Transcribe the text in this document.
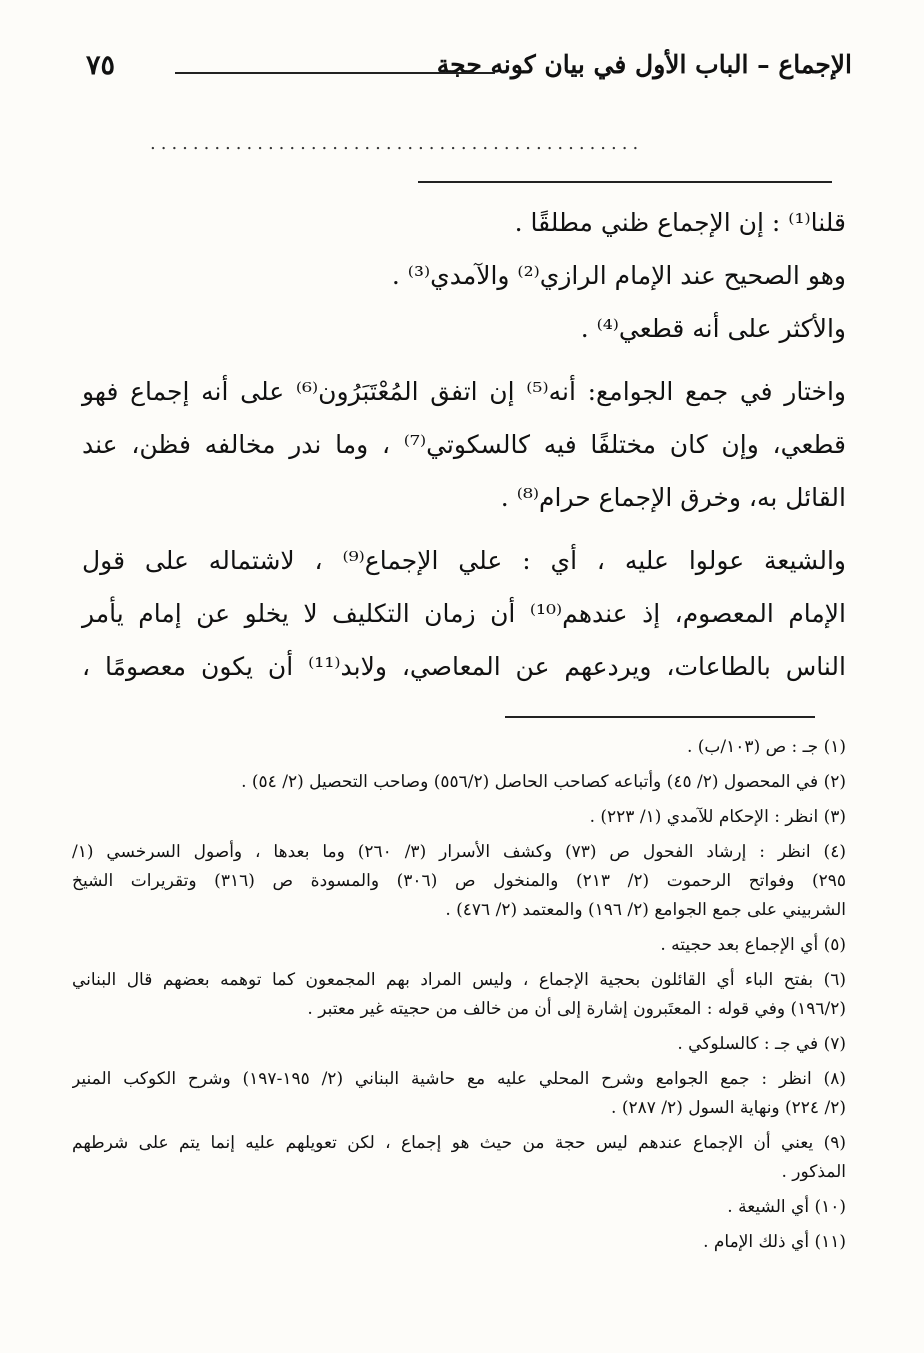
الإجماع – الباب الأول في بيان كونه حجة
٧٥
..............................................
قلنا⁽¹⁾ : إن الإجماع ظني مطلقًا .
وهو الصحيح عند الإمام الرازي⁽²⁾ والآمدي⁽³⁾ .
والأكثر على أنه قطعي⁽⁴⁾ .
واختار في جمع الجوامع: أنه⁽⁵⁾ إن اتفق المُعْتَبَرُون⁽⁶⁾ على أنه إجماع فهو
قطعي، وإن كان مختلفًا فيه كالسكوتي⁽⁷⁾ ، وما ندر مخالفه فظن، عند
القائل به، وخرق الإجماع حرام⁽⁸⁾ .
والشيعة عولوا عليه ، أي : علي الإجماع⁽⁹⁾ ، لاشتماله على قول
الإمام المعصوم، إذ عندهم⁽¹⁰⁾ أن زمان التكليف لا يخلو عن إمام يأمر
الناس بالطاعات، ويردعهم عن المعاصي، ولابد⁽¹¹⁾ أن يكون معصومًا ،
(١) جـ : ص (١٠٣/ب) .
(٢) في المحصول (٢/ ٤٥) وأتباعه كصاحب الحاصل (٥٥٦/٢) وصاحب التحصيل (٢/ ٥٤) .
(٣) انظر : الإحكام للآمدي (١/ ٢٢٣) .
(٤) انظر : إرشاد الفحول ص (٧٣) وكشف الأسرار (٣/ ٢٦٠) وما بعدها ، وأصول السرخسي (١/
٢٩٥) وفواتح الرحموت (٢/ ٢١٣) والمنخول ص (٣٠٦) والمسودة ص (٣١٦) وتقريرات الشيخ
الشربيني على جمع الجوامع (٢/ ١٩٦) والمعتمد (٢/ ٤٧٦) .
(٥) أي الإجماع بعد حجيته .
(٦) بفتح الباء أي القائلون بحجية الإجماع ، وليس المراد بهم المجمعون كما توهمه بعضهم قال البناني
(١٩٦/٢) وفي قوله : المعتَبرون إشارة إلى أن من خالف من حجيته غير معتبر .
(٧) في جـ : كالسلوكي .
(٨) انظر : جمع الجوامع وشرح المحلي عليه مع حاشية البناني (٢/ ١٩٥-١٩٧) وشرح الكوكب المنير
(٢/ ٢٢٤) ونهاية السول (٢/ ٢٨٧) .
(٩) يعني أن الإجماع عندهم ليس حجة من حيث هو إجماع ، لكن تعويلهم عليه إنما يتم على شرطهم
المذكور .
(١٠) أي الشيعة .
(١١) أي ذلك الإمام .
